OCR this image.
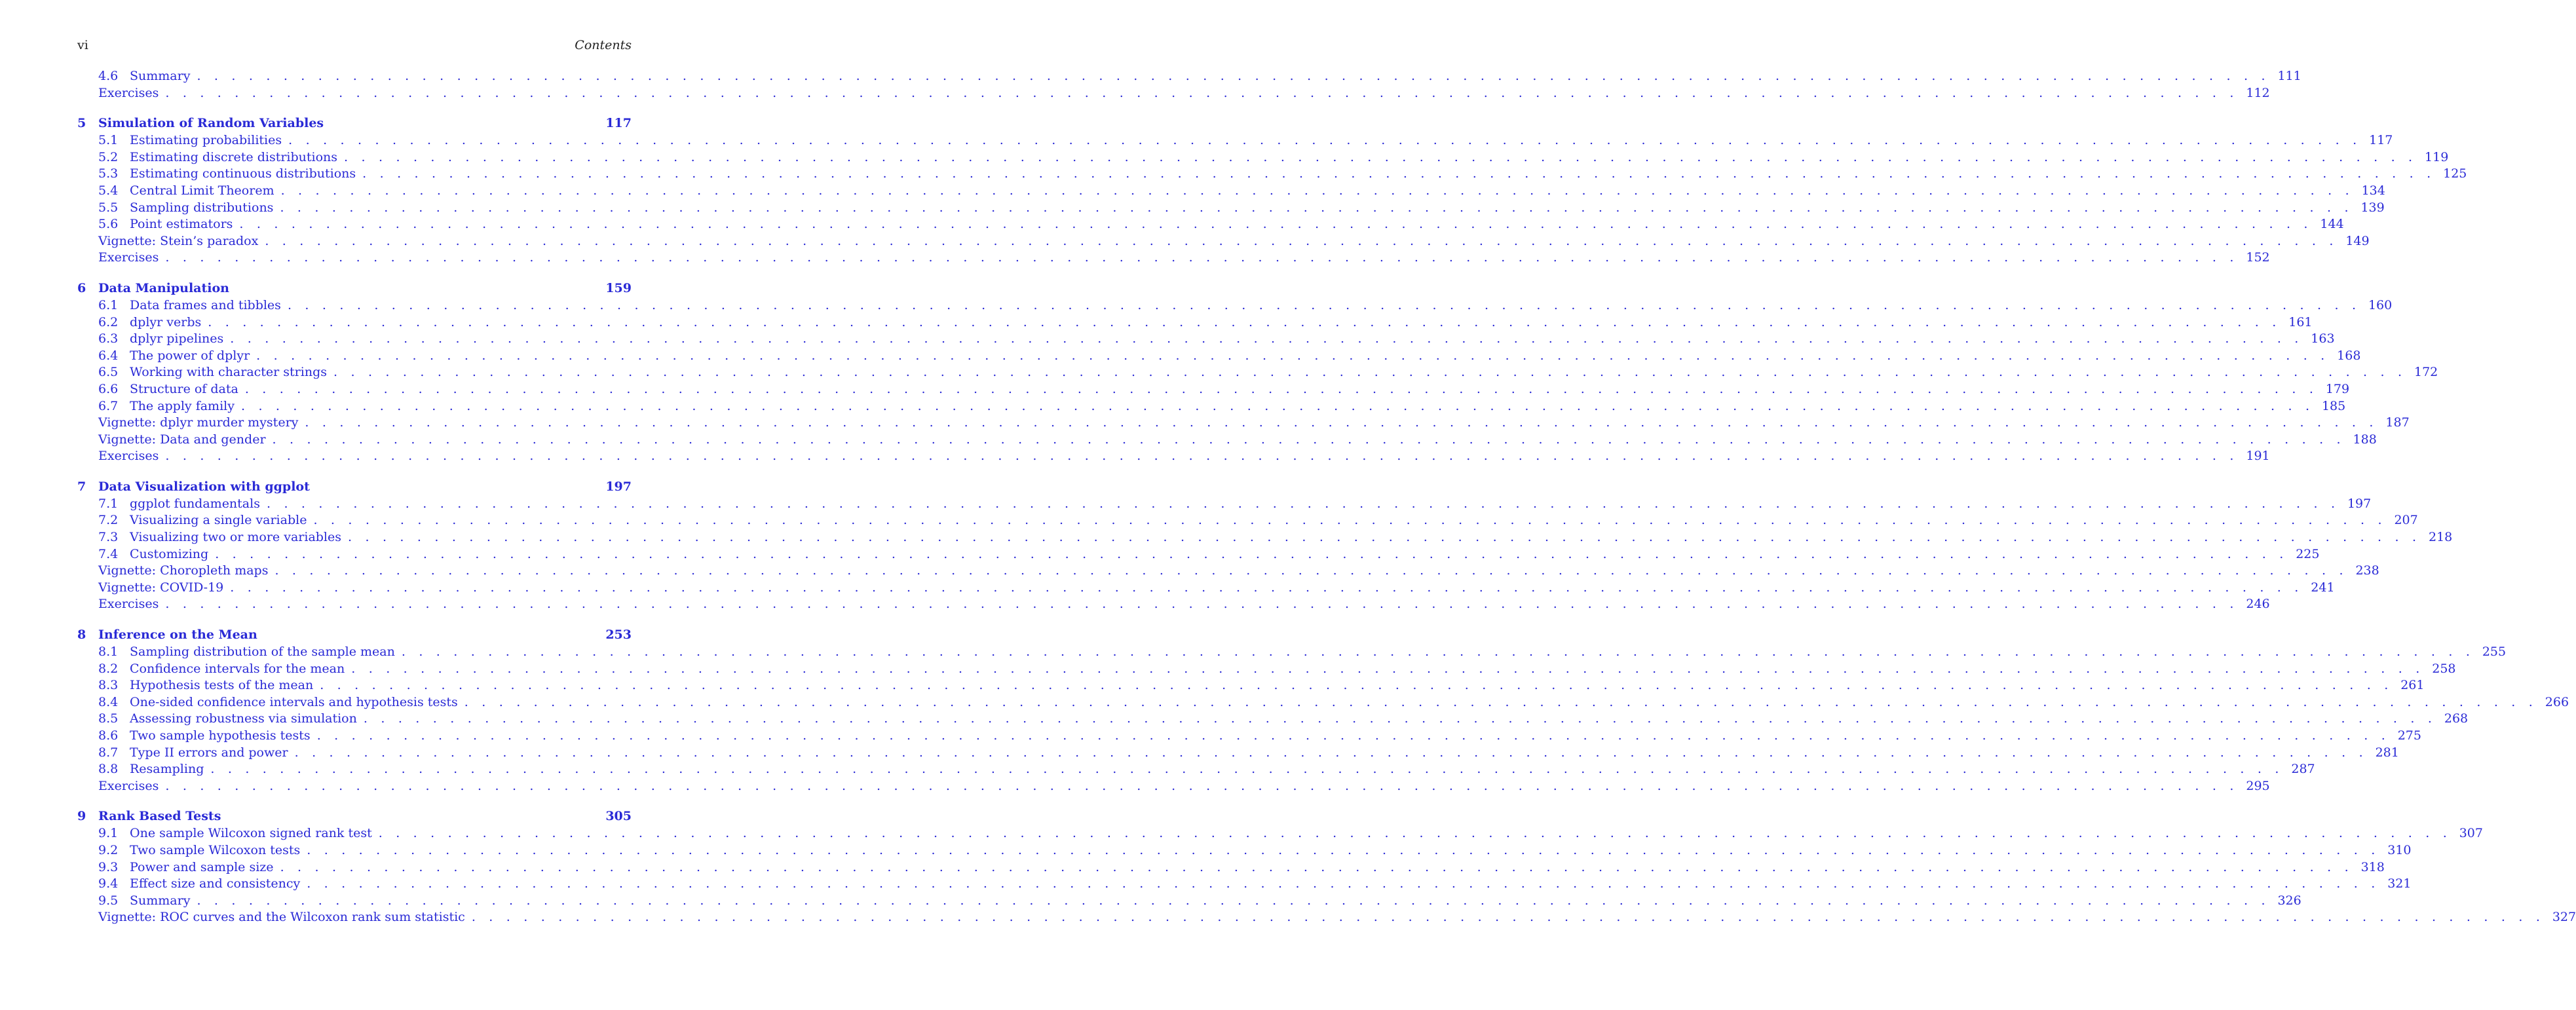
vi	Contents
4.6 Summary . . . . . . . . . . . . . . . . . . . . . . . . . . . . . . . . . . . . . . . . . . . . . . . . . . . . . . . . . . . . . . . . . . . . . . . . . . . . . . . . . . . . . . . . . . . . . . . . . . . . . . . . . . . . . . . . . . . . . . . . 111
Exercises . . . . . . . . . . . . . . . . . . . . . . . . . . . . . . . . . . . . . . . . . . . . . . . . . . . . . . . . . . . . . . . . . . . . . . . . . . . . . . . . . . . . . . . . . . . . . . . . . . . . . . . . . . . . . . . . . . . . . . . . 112
5 Simulation of Random Variables	117
5.1 Estimating probabilities . . . . . . . . . . . . . . . . . . . . . . . . . . . . . . . . . . . . . . . . . . . . . . . . . . . . . . . . . . . . . . . . . . . . . . . . . . . . . . . . . . . . . . . . . . . . . . . . . . . . . . . . . . . . . . . . . . . . . . . . 117
5.2 Estimating discrete distributions . . . . . . . . . . . . . . . . . . . . . . . . . . . . . . . . . . . . . . . . . . . . . . . . . . . . . . . . . . . . . . . . . . . . . . . . . . . . . . . . . . . . . . . . . . . . . . . . . . . . . . . . . . . . . . . . . . . . . . . . 119
5.3 Estimating continuous distributions . . . . . . . . . . . . . . . . . . . . . . . . . . . . . . . . . . . . . . . . . . . . . . . . . . . . . . . . . . . . . . . . . . . . . . . . . . . . . . . . . . . . . . . . . . . . . . . . . . . . . . . . . . . . . . . . . . . . . . . . 125
5.4 Central Limit Theorem . . . . . . . . . . . . . . . . . . . . . . . . . . . . . . . . . . . . . . . . . . . . . . . . . . . . . . . . . . . . . . . . . . . . . . . . . . . . . . . . . . . . . . . . . . . . . . . . . . . . . . . . . . . . . . . . . . . . . . . . 134
5.5 Sampling distributions . . . . . . . . . . . . . . . . . . . . . . . . . . . . . . . . . . . . . . . . . . . . . . . . . . . . . . . . . . . . . . . . . . . . . . . . . . . . . . . . . . . . . . . . . . . . . . . . . . . . . . . . . . . . . . . . . . . . . . . . 139
5.6 Point estimators . . . . . . . . . . . . . . . . . . . . . . . . . . . . . . . . . . . . . . . . . . . . . . . . . . . . . . . . . . . . . . . . . . . . . . . . . . . . . . . . . . . . . . . . . . . . . . . . . . . . . . . . . . . . . . . . . . . . . . . . 144
Vignette: Stein’s paradox . . . . . . . . . . . . . . . . . . . . . . . . . . . . . . . . . . . . . . . . . . . . . . . . . . . . . . . . . . . . . . . . . . . . . . . . . . . . . . . . . . . . . . . . . . . . . . . . . . . . . . . . . . . . . . . . . . . . . . . . 149
Exercises . . . . . . . . . . . . . . . . . . . . . . . . . . . . . . . . . . . . . . . . . . . . . . . . . . . . . . . . . . . . . . . . . . . . . . . . . . . . . . . . . . . . . . . . . . . . . . . . . . . . . . . . . . . . . . . . . . . . . . . . 152
6 Data Manipulation	159
6.1 Data frames and tibbles . . . . . . . . . . . . . . . . . . . . . . . . . . . . . . . . . . . . . . . . . . . . . . . . . . . . . . . . . . . . . . . . . . . . . . . . . . . . . . . . . . . . . . . . . . . . . . . . . . . . . . . . . . . . . . . . . . . . . . . . 160
6.2 dplyr verbs . . . . . . . . . . . . . . . . . . . . . . . . . . . . . . . . . . . . . . . . . . . . . . . . . . . . . . . . . . . . . . . . . . . . . . . . . . . . . . . . . . . . . . . . . . . . . . . . . . . . . . . . . . . . . . . . . . . . . . . . 161
6.3 dplyr pipelines . . . . . . . . . . . . . . . . . . . . . . . . . . . . . . . . . . . . . . . . . . . . . . . . . . . . . . . . . . . . . . . . . . . . . . . . . . . . . . . . . . . . . . . . . . . . . . . . . . . . . . . . . . . . . . . . . . . . . . . . 163
6.4 The power of dplyr . . . . . . . . . . . . . . . . . . . . . . . . . . . . . . . . . . . . . . . . . . . . . . . . . . . . . . . . . . . . . . . . . . . . . . . . . . . . . . . . . . . . . . . . . . . . . . . . . . . . . . . . . . . . . . . . . . . . . . . . 168
6.5 Working with character strings . . . . . . . . . . . . . . . . . . . . . . . . . . . . . . . . . . . . . . . . . . . . . . . . . . . . . . . . . . . . . . . . . . . . . . . . . . . . . . . . . . . . . . . . . . . . . . . . . . . . . . . . . . . . . . . . . . . . . . . . 172
6.6 Structure of data . . . . . . . . . . . . . . . . . . . . . . . . . . . . . . . . . . . . . . . . . . . . . . . . . . . . . . . . . . . . . . . . . . . . . . . . . . . . . . . . . . . . . . . . . . . . . . . . . . . . . . . . . . . . . . . . . . . . . . . . 179
6.7 The apply family . . . . . . . . . . . . . . . . . . . . . . . . . . . . . . . . . . . . . . . . . . . . . . . . . . . . . . . . . . . . . . . . . . . . . . . . . . . . . . . . . . . . . . . . . . . . . . . . . . . . . . . . . . . . . . . . . . . . . . . . 185
Vignette: dplyr murder mystery . . . . . . . . . . . . . . . . . . . . . . . . . . . . . . . . . . . . . . . . . . . . . . . . . . . . . . . . . . . . . . . . . . . . . . . . . . . . . . . . . . . . . . . . . . . . . . . . . . . . . . . . . . . . . . . . . . . . . . . . 187
Vignette: Data and gender . . . . . . . . . . . . . . . . . . . . . . . . . . . . . . . . . . . . . . . . . . . . . . . . . . . . . . . . . . . . . . . . . . . . . . . . . . . . . . . . . . . . . . . . . . . . . . . . . . . . . . . . . . . . . . . . . . . . . . . . 188
Exercises . . . . . . . . . . . . . . . . . . . . . . . . . . . . . . . . . . . . . . . . . . . . . . . . . . . . . . . . . . . . . . . . . . . . . . . . . . . . . . . . . . . . . . . . . . . . . . . . . . . . . . . . . . . . . . . . . . . . . . . . 191
7 Data Visualization with ggplot	197
7.1 ggplot fundamentals . . . . . . . . . . . . . . . . . . . . . . . . . . . . . . . . . . . . . . . . . . . . . . . . . . . . . . . . . . . . . . . . . . . . . . . . . . . . . . . . . . . . . . . . . . . . . . . . . . . . . . . . . . . . . . . . . . . . . . . . 197
7.2 Visualizing a single variable . . . . . . . . . . . . . . . . . . . . . . . . . . . . . . . . . . . . . . . . . . . . . . . . . . . . . . . . . . . . . . . . . . . . . . . . . . . . . . . . . . . . . . . . . . . . . . . . . . . . . . . . . . . . . . . . . . . . . . . . 207
7.3 Visualizing two or more variables . . . . . . . . . . . . . . . . . . . . . . . . . . . . . . . . . . . . . . . . . . . . . . . . . . . . . . . . . . . . . . . . . . . . . . . . . . . . . . . . . . . . . . . . . . . . . . . . . . . . . . . . . . . . . . . . . . . . . . . . 218
7.4 Customizing . . . . . . . . . . . . . . . . . . . . . . . . . . . . . . . . . . . . . . . . . . . . . . . . . . . . . . . . . . . . . . . . . . . . . . . . . . . . . . . . . . . . . . . . . . . . . . . . . . . . . . . . . . . . . . . . . . . . . . . . 225
Vignette: Choropleth maps . . . . . . . . . . . . . . . . . . . . . . . . . . . . . . . . . . . . . . . . . . . . . . . . . . . . . . . . . . . . . . . . . . . . . . . . . . . . . . . . . . . . . . . . . . . . . . . . . . . . . . . . . . . . . . . . . . . . . . . . 238
Vignette: COVID-19 . . . . . . . . . . . . . . . . . . . . . . . . . . . . . . . . . . . . . . . . . . . . . . . . . . . . . . . . . . . . . . . . . . . . . . . . . . . . . . . . . . . . . . . . . . . . . . . . . . . . . . . . . . . . . . . . . . . . . . . . 241
Exercises . . . . . . . . . . . . . . . . . . . . . . . . . . . . . . . . . . . . . . . . . . . . . . . . . . . . . . . . . . . . . . . . . . . . . . . . . . . . . . . . . . . . . . . . . . . . . . . . . . . . . . . . . . . . . . . . . . . . . . . . 246
8 Inference on the Mean	253
8.1 Sampling distribution of the sample mean . . . . . . . . . . . . . . . . . . . . . . . . . . . . . . . . . . . . . . . . . . . . . . . . . . . . . . . . . . . . . . . . . . . . . . . . . . . . . . . . . . . . . . . . . . . . . . . . . . . . . . . . . . . . . . . . . . . . . . . . 255
8.2 Confidence intervals for the mean . . . . . . . . . . . . . . . . . . . . . . . . . . . . . . . . . . . . . . . . . . . . . . . . . . . . . . . . . . . . . . . . . . . . . . . . . . . . . . . . . . . . . . . . . . . . . . . . . . . . . . . . . . . . . . . . . . . . . . . . 258
8.3 Hypothesis tests of the mean . . . . . . . . . . . . . . . . . . . . . . . . . . . . . . . . . . . . . . . . . . . . . . . . . . . . . . . . . . . . . . . . . . . . . . . . . . . . . . . . . . . . . . . . . . . . . . . . . . . . . . . . . . . . . . . . . . . . . . . . 261
8.4 One-sided confidence intervals and hypothesis tests . . . . . . . . . . . . . . . . . . . . . . . . . . . . . . . . . . . . . . . . . . . . . . . . . . . . . . . . . . . . . . . . . . . . . . . . . . . . . . . . . . . . . . . . . . . . . . . . . . . . . . . . . . . . . . . . . . . . . . . . 266
8.5 Assessing robustness via simulation . . . . . . . . . . . . . . . . . . . . . . . . . . . . . . . . . . . . . . . . . . . . . . . . . . . . . . . . . . . . . . . . . . . . . . . . . . . . . . . . . . . . . . . . . . . . . . . . . . . . . . . . . . . . . . . . . . . . . . . . 268
8.6 Two sample hypothesis tests . . . . . . . . . . . . . . . . . . . . . . . . . . . . . . . . . . . . . . . . . . . . . . . . . . . . . . . . . . . . . . . . . . . . . . . . . . . . . . . . . . . . . . . . . . . . . . . . . . . . . . . . . . . . . . . . . . . . . . . . 275
8.7 Type II errors and power . . . . . . . . . . . . . . . . . . . . . . . . . . . . . . . . . . . . . . . . . . . . . . . . . . . . . . . . . . . . . . . . . . . . . . . . . . . . . . . . . . . . . . . . . . . . . . . . . . . . . . . . . . . . . . . . . . . . . . . . 281
8.8 Resampling . . . . . . . . . . . . . . . . . . . . . . . . . . . . . . . . . . . . . . . . . . . . . . . . . . . . . . . . . . . . . . . . . . . . . . . . . . . . . . . . . . . . . . . . . . . . . . . . . . . . . . . . . . . . . . . . . . . . . . . . 287
Exercises . . . . . . . . . . . . . . . . . . . . . . . . . . . . . . . . . . . . . . . . . . . . . . . . . . . . . . . . . . . . . . . . . . . . . . . . . . . . . . . . . . . . . . . . . . . . . . . . . . . . . . . . . . . . . . . . . . . . . . . . 295
9 Rank Based Tests	305
9.1 One sample Wilcoxon signed rank test . . . . . . . . . . . . . . . . . . . . . . . . . . . . . . . . . . . . . . . . . . . . . . . . . . . . . . . . . . . . . . . . . . . . . . . . . . . . . . . . . . . . . . . . . . . . . . . . . . . . . . . . . . . . . . . . . . . . . . . . 307
9.2 Two sample Wilcoxon tests . . . . . . . . . . . . . . . . . . . . . . . . . . . . . . . . . . . . . . . . . . . . . . . . . . . . . . . . . . . . . . . . . . . . . . . . . . . . . . . . . . . . . . . . . . . . . . . . . . . . . . . . . . . . . . . . . . . . . . . . 310
9.3 Power and sample size . . . . . . . . . . . . . . . . . . . . . . . . . . . . . . . . . . . . . . . . . . . . . . . . . . . . . . . . . . . . . . . . . . . . . . . . . . . . . . . . . . . . . . . . . . . . . . . . . . . . . . . . . . . . . . . . . . . . . . . . 318
9.4 Effect size and consistency . . . . . . . . . . . . . . . . . . . . . . . . . . . . . . . . . . . . . . . . . . . . . . . . . . . . . . . . . . . . . . . . . . . . . . . . . . . . . . . . . . . . . . . . . . . . . . . . . . . . . . . . . . . . . . . . . . . . . . . . 321
9.5 Summary . . . . . . . . . . . . . . . . . . . . . . . . . . . . . . . . . . . . . . . . . . . . . . . . . . . . . . . . . . . . . . . . . . . . . . . . . . . . . . . . . . . . . . . . . . . . . . . . . . . . . . . . . . . . . . . . . . . . . . . . 326
Vignette: ROC curves and the Wilcoxon rank sum statistic . . . . . . . . . . . . . . . . . . . . . . . . . . . . . . . . . . . . . . . . . . . . . . . . . . . . . . . . . . . . . . . . . . . . . . . . . . . . . . . . . . . . . . . . . . . . . . . . . . . . . . . . . . . . . . . . . . . . . . . . 327
